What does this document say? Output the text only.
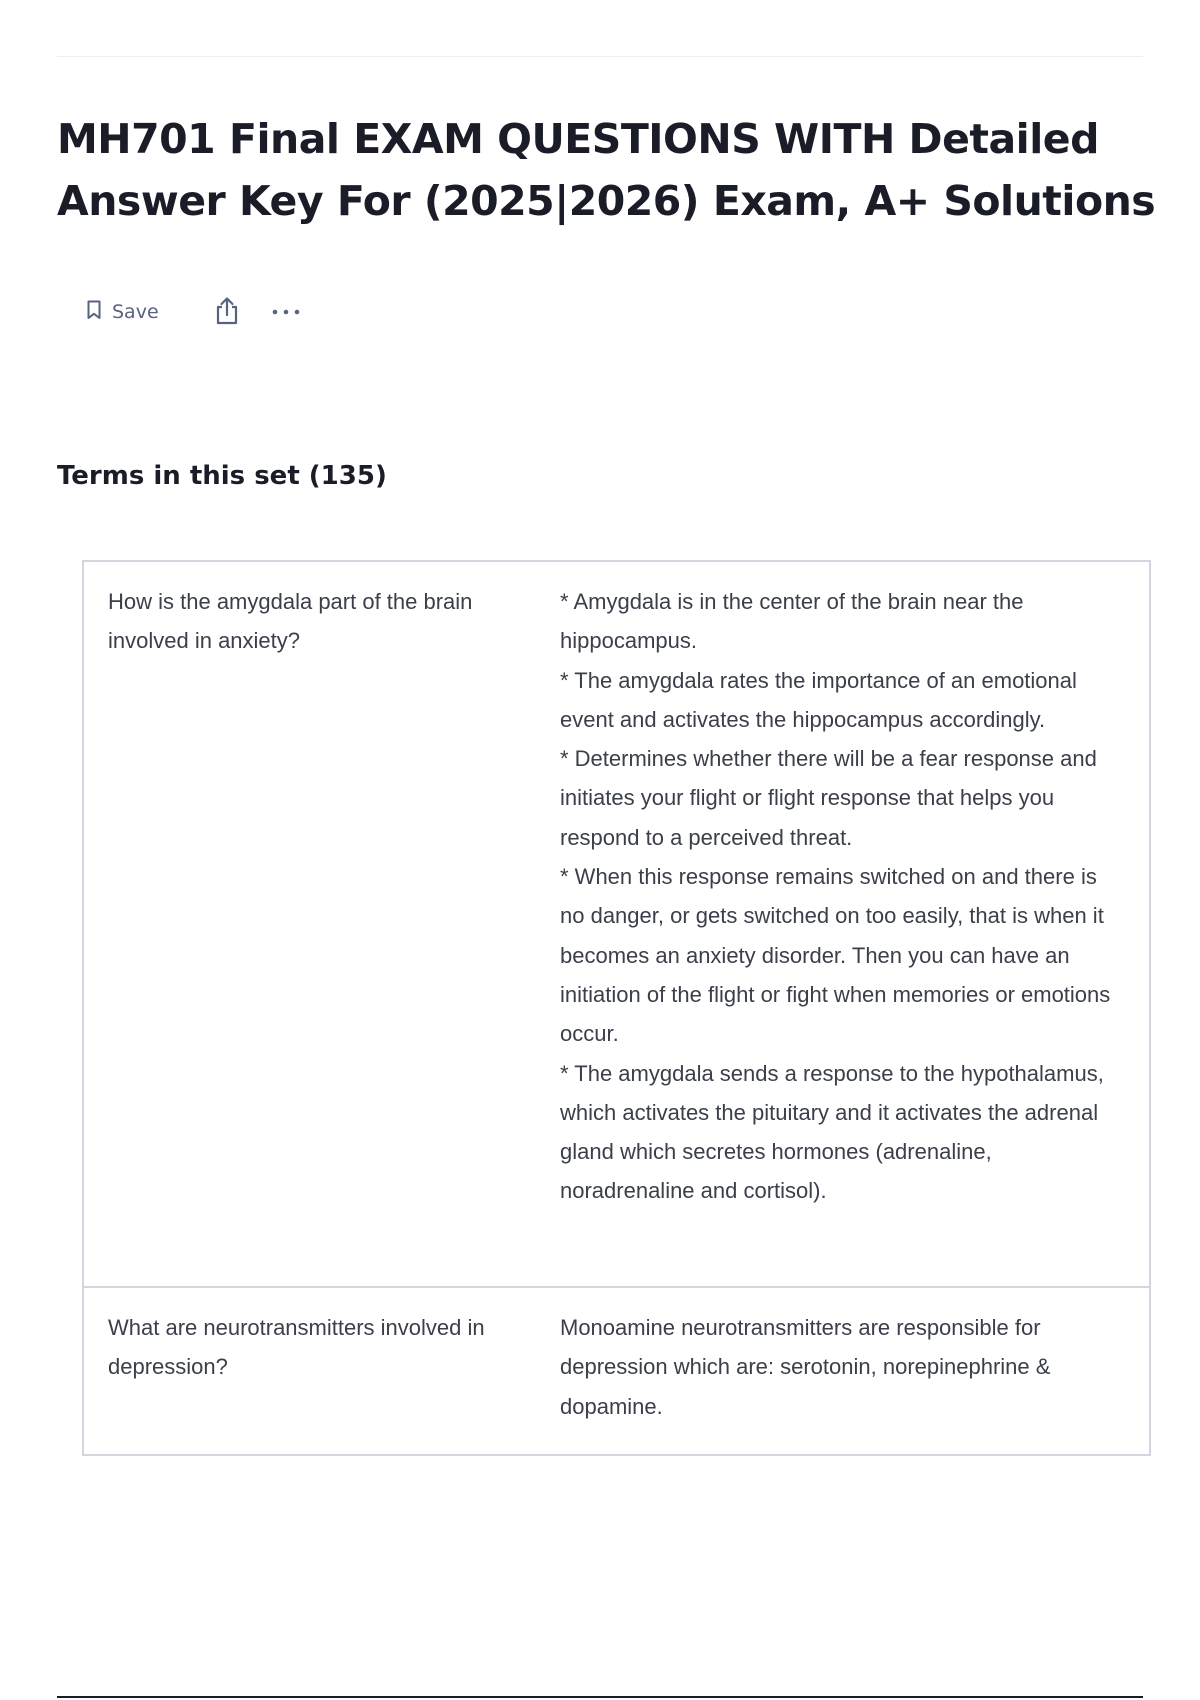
MH701 Final EXAM QUESTIONS WITH Detailed
Answer Key For (2025|2026) Exam, A+ Solutions
Save
Terms in this set (135)
How is the amygdala part of the brain involved in anxiety?

* Amygdala is in the center of the brain near the hippocampus.

* The amygdala rates the importance of an emotional event and activates the hippocampus accordingly.

* Determines whether there will be a fear response and initiates your flight or flight response that helps you respond to a perceived threat.

* When this response remains switched on and there is no danger, or gets switched on too easily, that is when it becomes an anxiety disorder. Then you can have an initiation of the flight or fight when memories or emotions occur.

* The amygdala sends a response to the hypothalamus, which activates the pituitary and it activates the adrenal gland which secretes hormones (adrenaline, noradrenaline and cortisol).

What are neurotransmitters involved in depression?

Monoamine neurotransmitters are responsible for depression which are: serotonin, norepinephrine & dopamine.
